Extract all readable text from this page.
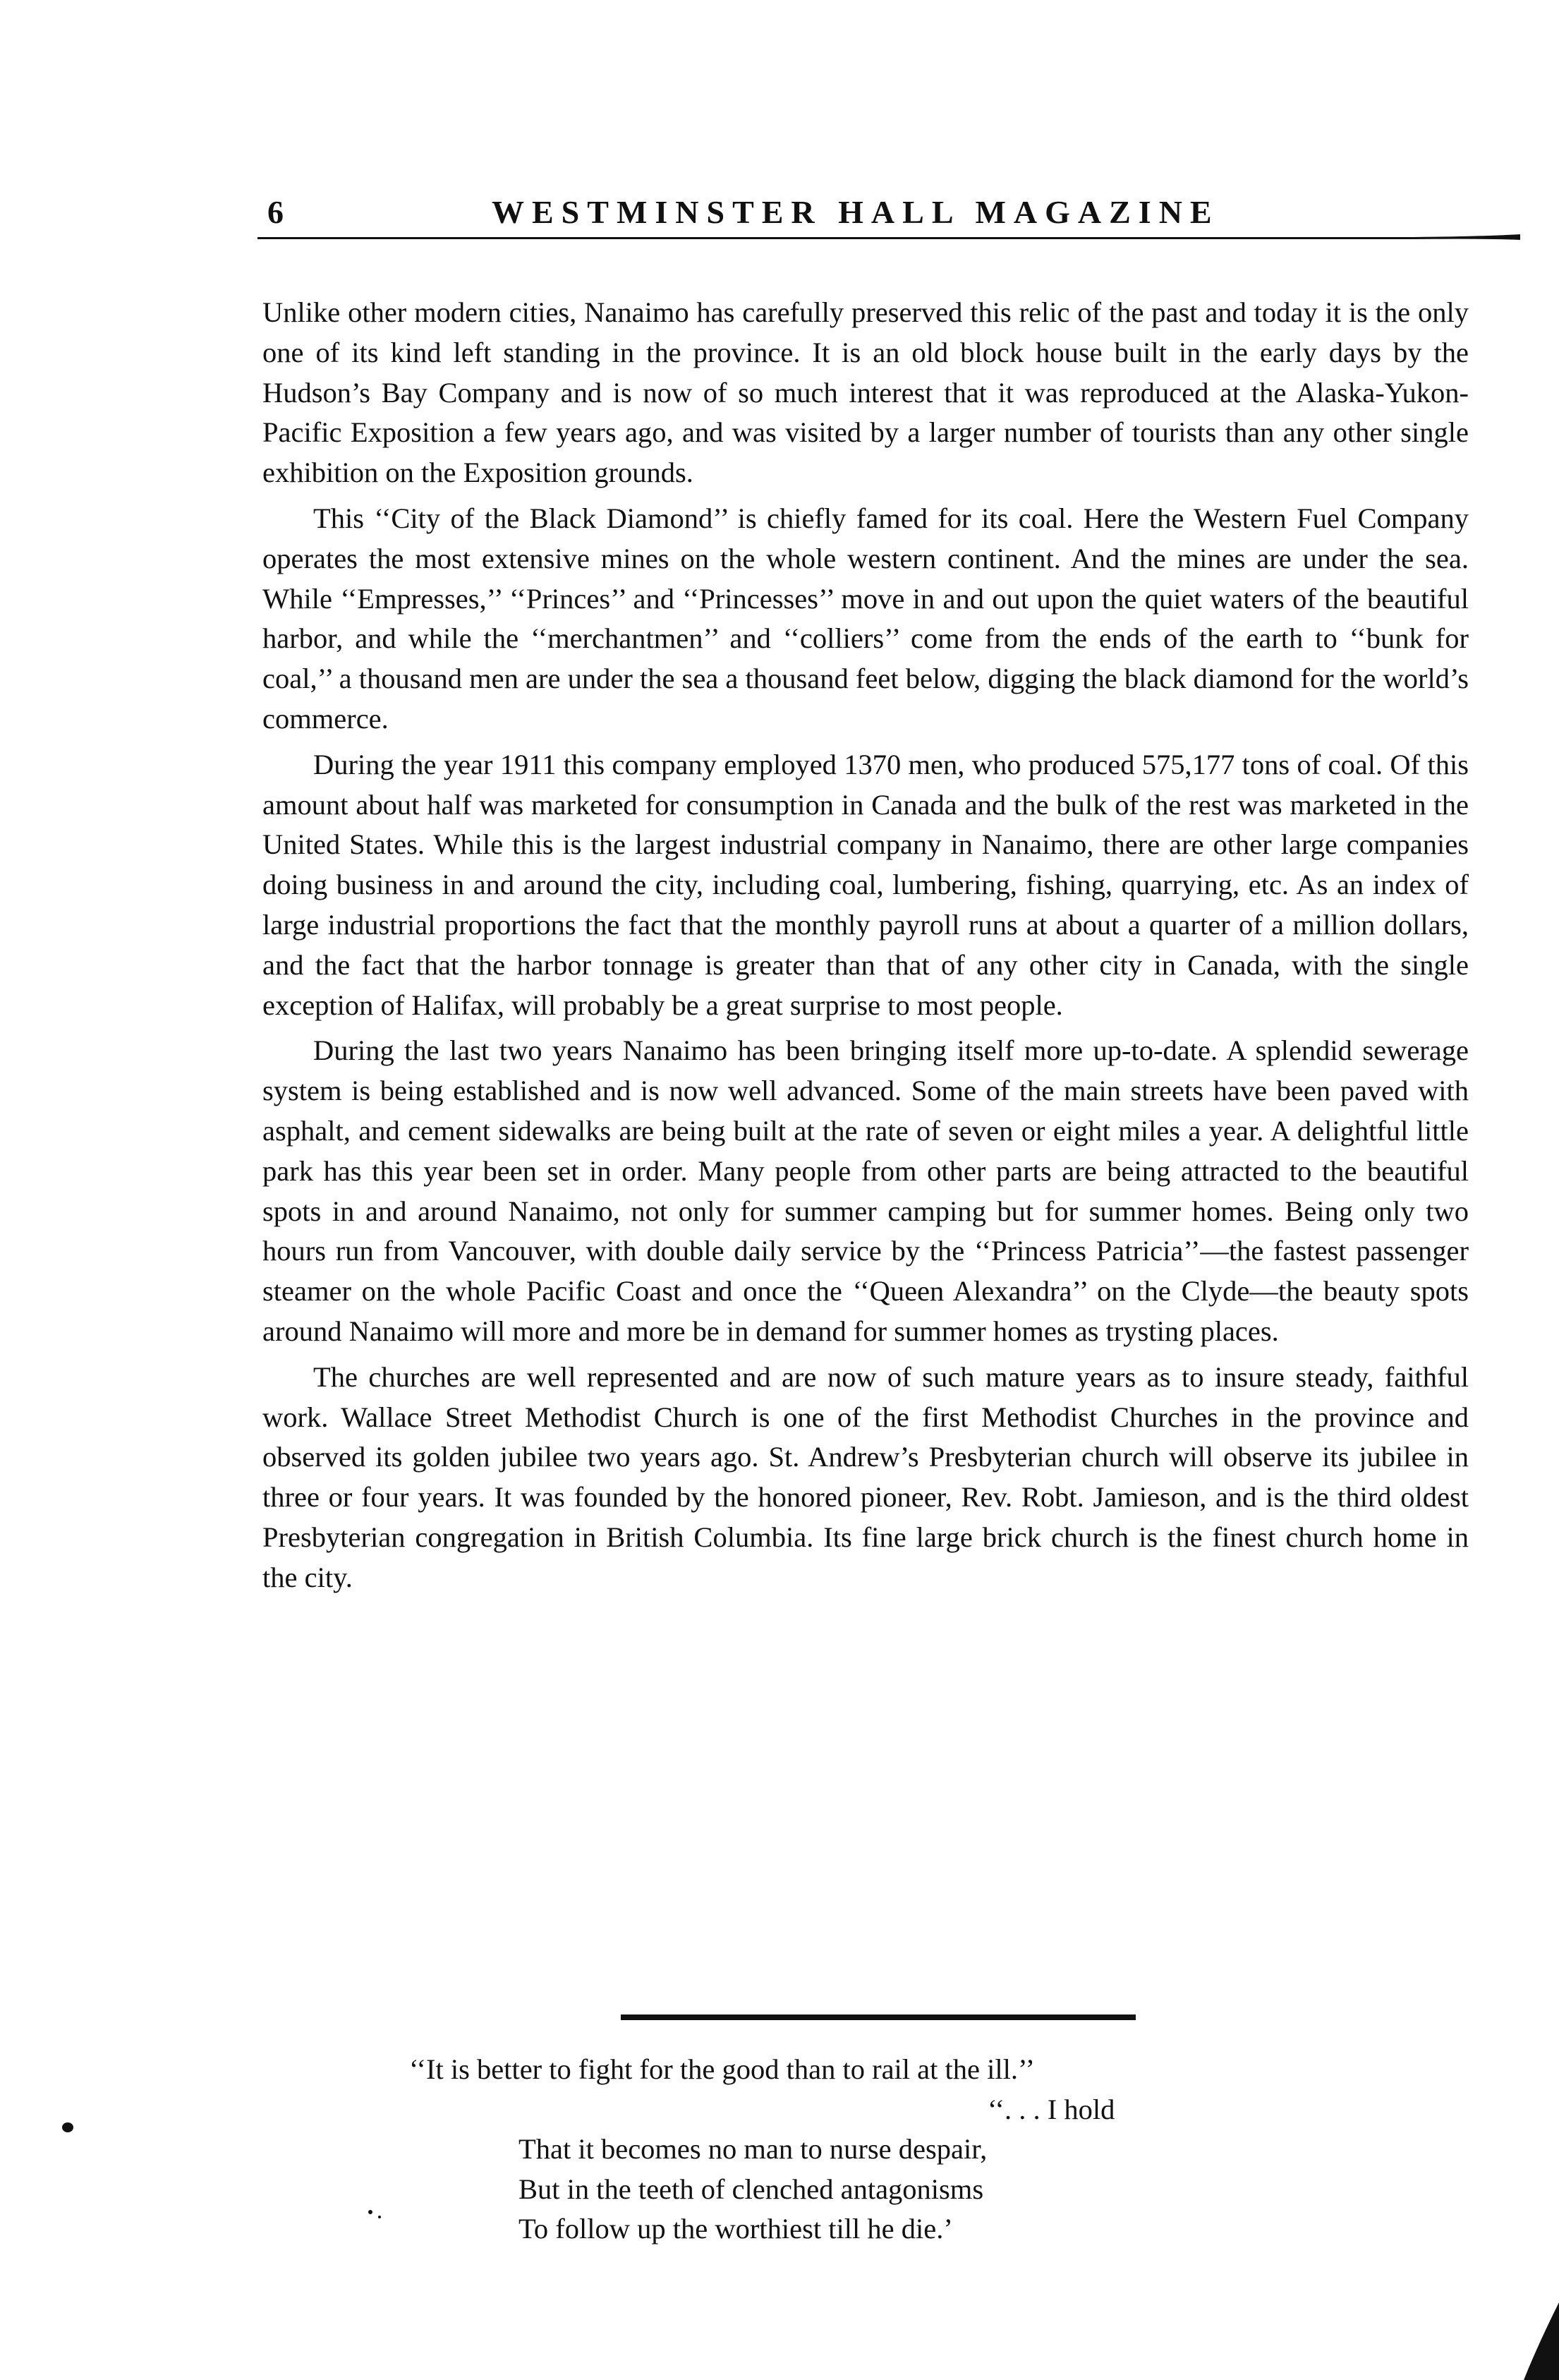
6	WESTMINSTER HALL MAGAZINE

Unlike other modern cities, Nanaimo has carefully preserved this relic of the past and today it is the only one of its kind left standing in the province. It is an old block house built in the early days by the Hudson’s Bay Company and is now of so much interest that it was reproduced at the Alaska-Yukon-Pacific Exposition a few years ago, and was visited by a larger number of tourists than any other single exhibition on the Exposition grounds.

This ‘‘City of the Black Diamond’’ is chiefly famed for its coal. Here the Western Fuel Company operates the most extensive mines on the whole western continent. And the mines are under the sea. While ‘‘Empresses,’’ ‘‘Princes’’ and ‘‘Princesses’’ move in and out upon the quiet waters of the beautiful harbor, and while the ‘‘merchantmen’’ and ‘‘colliers’’ come from the ends of the earth to ‘‘bunk for coal,’’ a thousand men are under the sea a thousand feet below, digging the black diamond for the world’s commerce.

During the year 1911 this company employed 1370 men, who produced 575,177 tons of coal. Of this amount about half was marketed for consumption in Canada and the bulk of the rest was marketed in the United States. While this is the largest industrial company in Nanaimo, there are other large companies doing business in and around the city, including coal, lumbering, fishing, quarrying, etc. As an index of large industrial proportions the fact that the monthly payroll runs at about a quarter of a million dollars, and the fact that the harbor tonnage is greater than that of any other city in Canada, with the single exception of Halifax, will probably be a great surprise to most people.

During the last two years Nanaimo has been bringing itself more up-to-date. A splendid sewerage system is being established and is now well advanced. Some of the main streets have been paved with asphalt, and cement sidewalks are being built at the rate of seven or eight miles a year. A delightful little park has this year been set in order. Many people from other parts are being attracted to the beautiful spots in and around Nanaimo, not only for summer camping but for summer homes. Being only two hours run from Vancouver, with double daily service by the ‘‘Princess Patricia’’—the fastest passenger steamer on the whole Pacific Coast and once the ‘‘Queen Alexandra’’ on the Clyde—the beauty spots around Nanaimo will more and more be in demand for summer homes as trysting places.

The churches are well represented and are now of such mature years as to insure steady, faithful work. Wallace Street Methodist Church is one of the first Methodist Churches in the province and observed its golden jubilee two years ago. St. Andrew’s Presbyterian church will observe its jubilee in three or four years. It was founded by the honored pioneer, Rev. Robt. Jamieson, and is the third oldest Presbyterian congregation in British Columbia. Its fine large brick church is the finest church home in the city.

‘‘It is better to fight for the good than to rail at the ill.’’
‘‘. . . I hold
That it becomes no man to nurse despair,
But in the teeth of clenched antagonisms
To follow up the worthiest till he die.’
